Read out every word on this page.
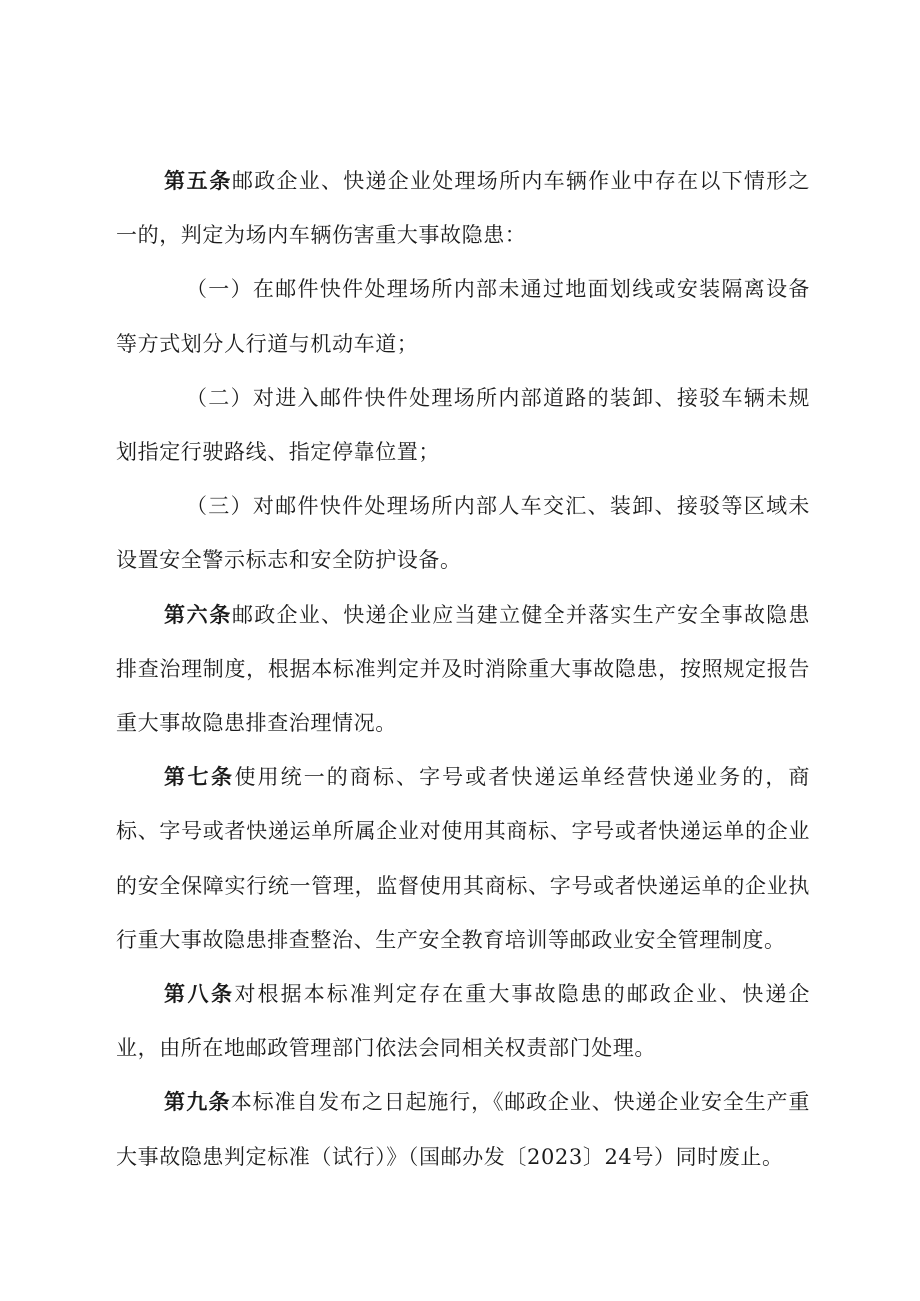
第五条邮政企业、快递企业处理场所内车辆作业中存在以下情形之一的，判定为场内车辆伤害重大事故隐患：

（一）在邮件快件处理场所内部未通过地面划线或安装隔离设备等方式划分人行道与机动车道；

（二）对进入邮件快件处理场所内部道路的装卸、接驳车辆未规划指定行驶路线、指定停靠位置；

（三）对邮件快件处理场所内部人车交汇、装卸、接驳等区域未设置安全警示标志和安全防护设备。

第六条邮政企业、快递企业应当建立健全并落实生产安全事故隐患排查治理制度，根据本标准判定并及时消除重大事故隐患，按照规定报告重大事故隐患排查治理情况。

第七条使用统一的商标、字号或者快递运单经营快递业务的，商标、字号或者快递运单所属企业对使用其商标、字号或者快递运单的企业的安全保障实行统一管理，监督使用其商标、字号或者快递运单的企业执行重大事故隐患排查整治、生产安全教育培训等邮政业安全管理制度。

第八条对根据本标准判定存在重大事故隐患的邮政企业、快递企业，由所在地邮政管理部门依法会同相关权责部门处理。

第九条本标准自发布之日起施行，《邮政企业、快递企业安全生产重大事故隐患判定标准（试行）》（国邮办发〔2023〕24号）同时废止。
